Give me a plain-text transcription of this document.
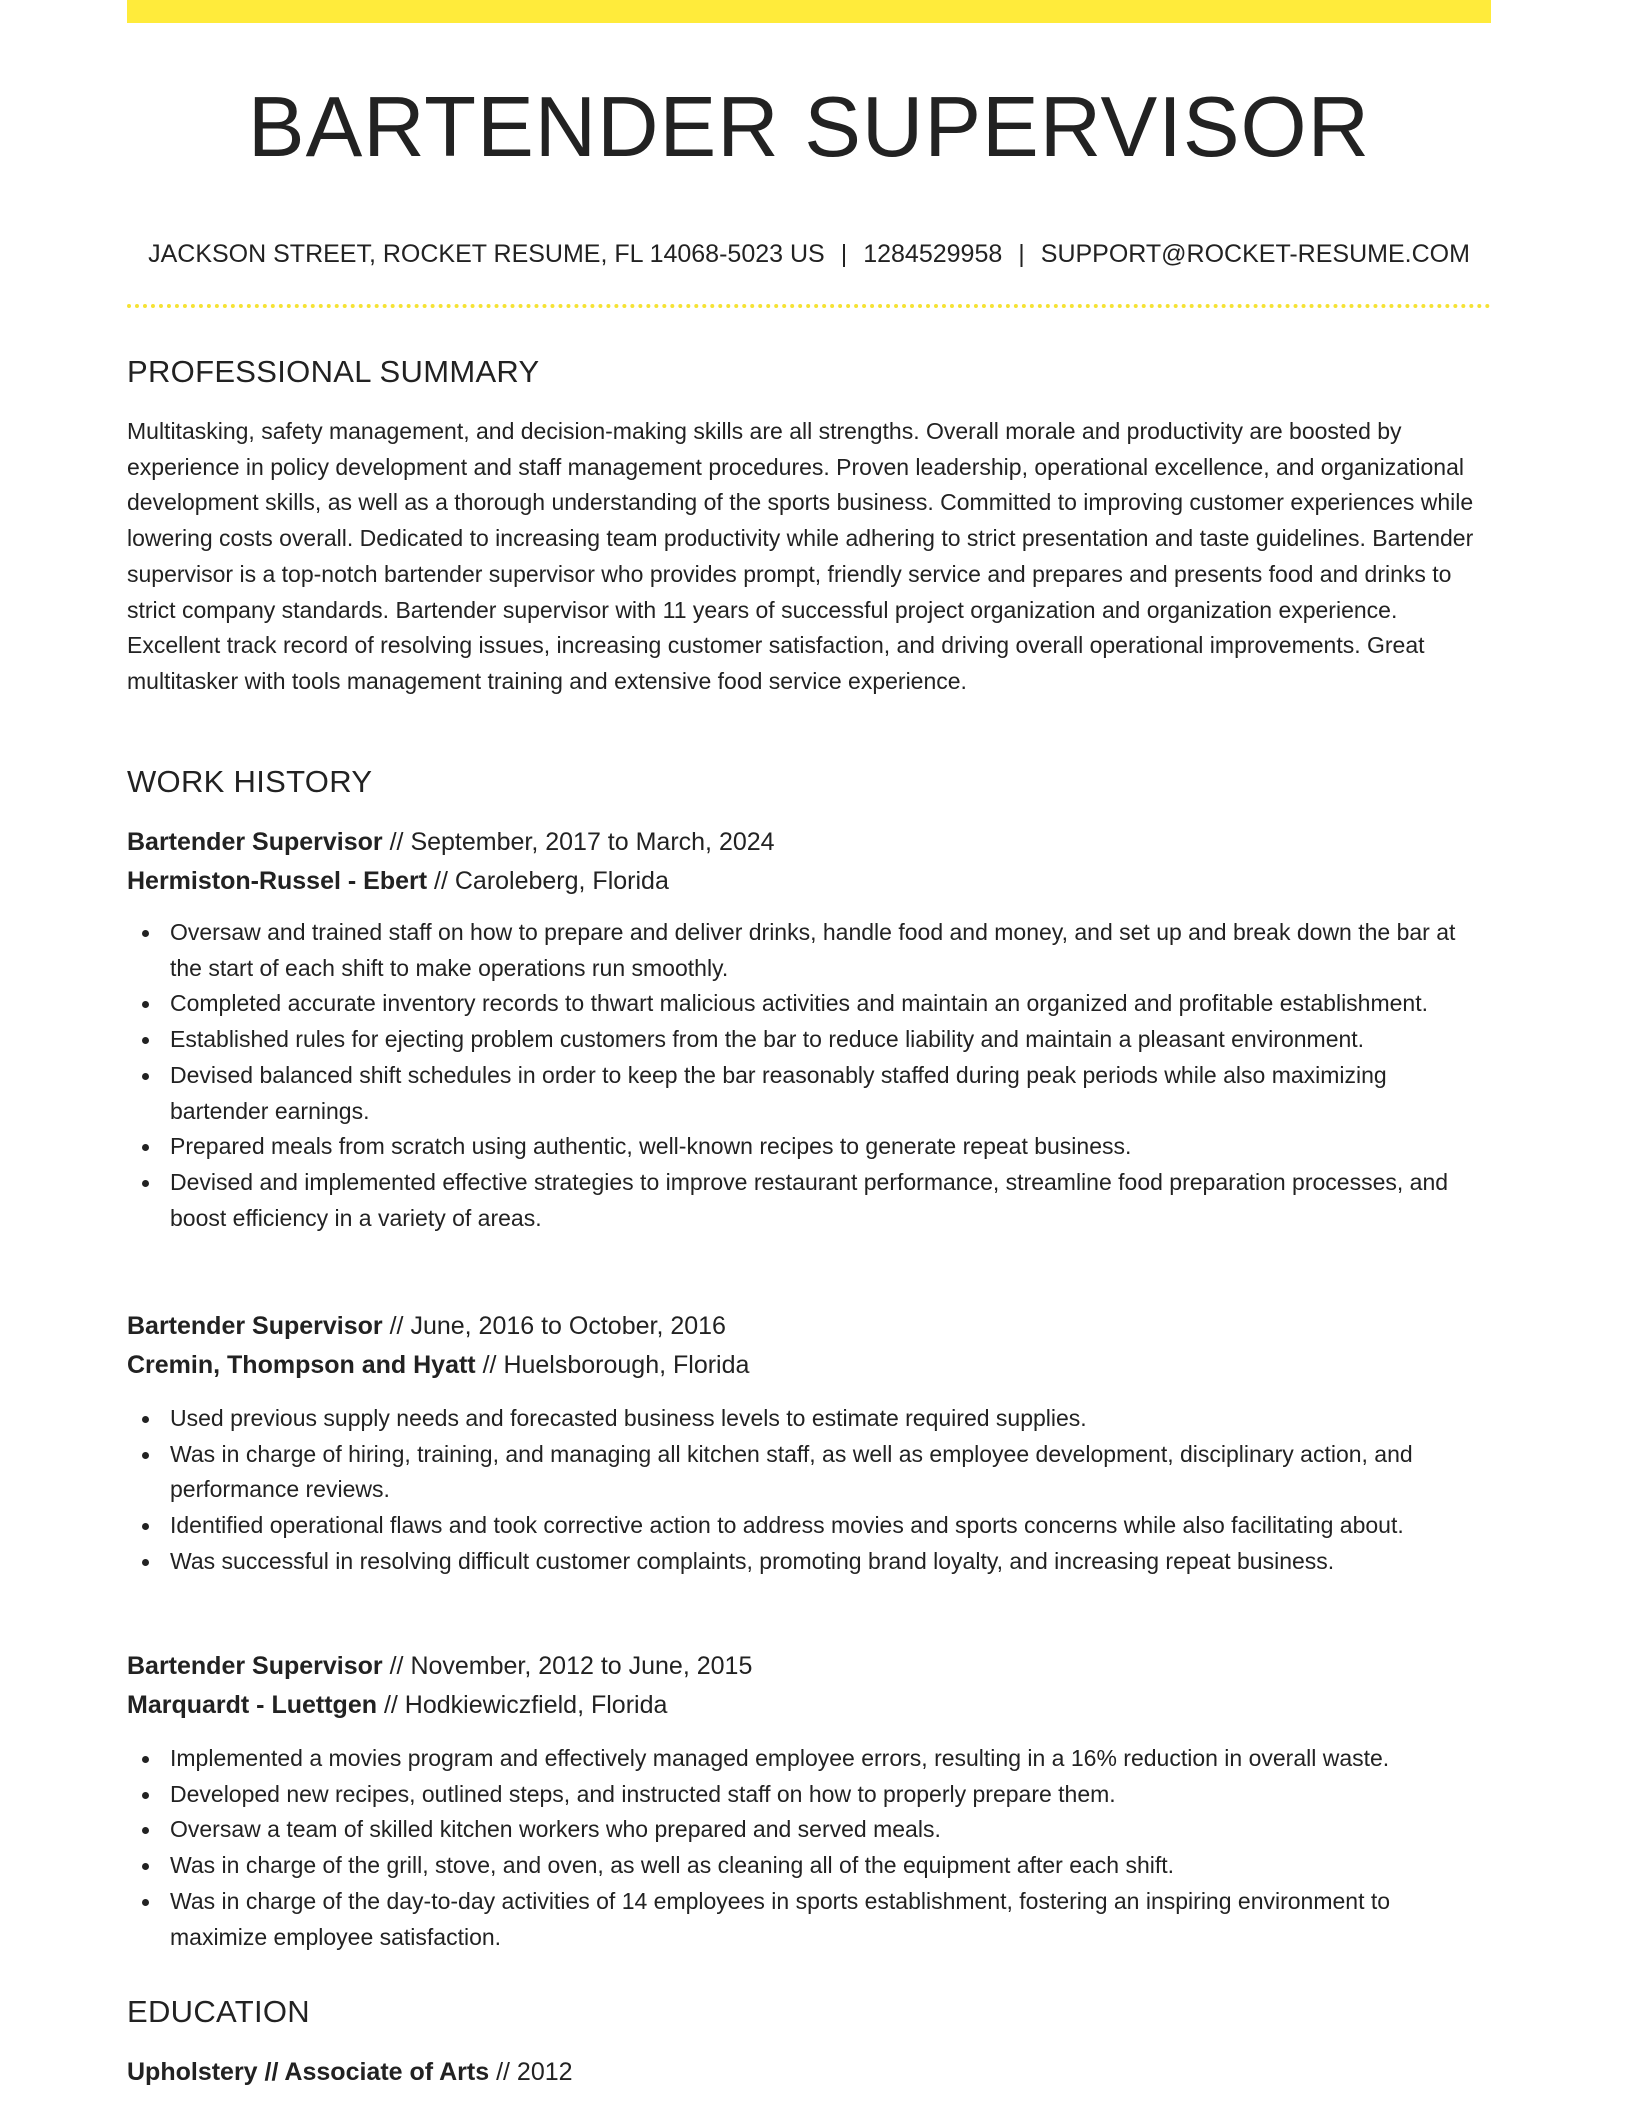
BARTENDER SUPERVISOR
JACKSON STREET, ROCKET RESUME, FL 14068-5023 US | 1284529958 | SUPPORT@ROCKET-RESUME.COM
PROFESSIONAL SUMMARY

Multitasking, safety management, and decision-making skills are all strengths. Overall morale and productivity are boosted by experience in policy development and staff management procedures. Proven leadership, operational excellence, and organizational development skills, as well as a thorough understanding of the sports business. Committed to improving customer experiences while lowering costs overall. Dedicated to increasing team productivity while adhering to strict presentation and taste guidelines. Bartender supervisor is a top-notch bartender supervisor who provides prompt, friendly service and prepares and presents food and drinks to strict company standards. Bartender supervisor with 11 years of successful project organization and organization experience. Excellent track record of resolving issues, increasing customer satisfaction, and driving overall operational improvements. Great multitasker with tools management training and extensive food service experience.

WORK HISTORY
Bartender Supervisor // September, 2017 to March, 2024
Hermiston-Russel - Ebert // Caroleberg, Florida
Oversaw and trained staff on how to prepare and deliver drinks, handle food and money, and set up and break down the bar at the start of each shift to make operations run smoothly.
Completed accurate inventory records to thwart malicious activities and maintain an organized and profitable establishment.
Established rules for ejecting problem customers from the bar to reduce liability and maintain a pleasant environment.
Devised balanced shift schedules in order to keep the bar reasonably staffed during peak periods while also maximizing bartender earnings.
Prepared meals from scratch using authentic, well-known recipes to generate repeat business.
Devised and implemented effective strategies to improve restaurant performance, streamline food preparation processes, and boost efficiency in a variety of areas.
Bartender Supervisor // June, 2016 to October, 2016
Cremin, Thompson and Hyatt // Huelsborough, Florida
Used previous supply needs and forecasted business levels to estimate required supplies.
Was in charge of hiring, training, and managing all kitchen staff, as well as employee development, disciplinary action, and performance reviews.
Identified operational flaws and took corrective action to address movies and sports concerns while also facilitating about.
Was successful in resolving difficult customer complaints, promoting brand loyalty, and increasing repeat business.
Bartender Supervisor // November, 2012 to June, 2015
Marquardt - Luettgen // Hodkiewiczfield, Florida
Implemented a movies program and effectively managed employee errors, resulting in a 16% reduction in overall waste.
Developed new recipes, outlined steps, and instructed staff on how to properly prepare them.
Oversaw a team of skilled kitchen workers who prepared and served meals.
Was in charge of the grill, stove, and oven, as well as cleaning all of the equipment after each shift.
Was in charge of the day-to-day activities of 14 employees in sports establishment, fostering an inspiring environment to maximize employee satisfaction.
EDUCATION
Upholstery // Associate of Arts // 2012
